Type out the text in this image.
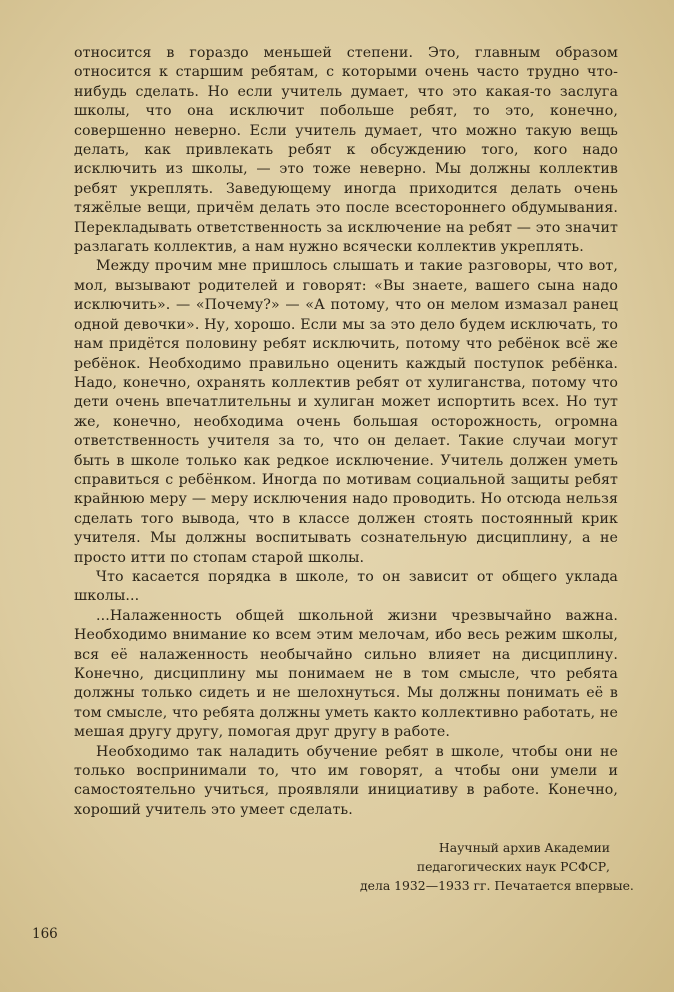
относится в гораздо меньшей степени. Это, главным образом относится к старшим ребятам, с которыми очень часто трудно что-нибудь сделать. Но если учитель думает, что это какая-то заслуга школы, что она исключит побольше ребят, то это, конечно, совершенно неверно. Если учитель думает, что можно такую вещь делать, как привлекать ребят к обсуждению того, кого надо исключить из школы, — это тоже неверно. Мы должны коллектив ребят укреплять. Заведующему иногда приходится делать очень тяжёлые вещи, причём делать это после всестороннего обдумывания. Перекладывать ответственность за исключение на ребят — это значит разлагать коллектив, а нам нужно всячески коллектив укреплять.

Между прочим мне пришлось слышать и такие разговоры, что вот, мол, вызывают родителей и говорят: «Вы знаете, вашего сына надо исключить». — «Почему?» — «А потому, что он мелом измазал ранец одной девочки». Ну, хорошо. Если мы за это дело будем исключать, то нам придётся половину ребят исключить, потому что ребёнок всё же ребёнок. Необходимо правильно оценить каждый поступок ребёнка. Надо, конечно, охранять коллектив ребят от хулиганства, потому что дети очень впечатлительны и хулиган может испортить всех. Но тут же, конечно, необходима очень большая осторожность, огромна ответственность учителя за то, что он делает. Такие случаи могут быть в школе только как редкое исключение. Учитель должен уметь справиться с ребёнком. Иногда по мотивам социальной защиты ребят крайнюю меру — меру исключения надо проводить. Но отсюда нельзя сделать того вывода, что в классе должен стоять постоянный крик учителя. Мы должны воспитывать сознательную дисциплину, а не просто итти по стопам старой школы.

Что касается порядка в школе, то он зависит от общего уклада школы...

...Налаженность общей школьной жизни чрезвычайно важна. Необходимо внимание ко всем этим мелочам, ибо весь режим школы, вся её налаженность необычайно сильно влияет на дисциплину. Конечно, дисциплину мы понимаем не в том смысле, что ребята должны только сидеть и не шелохнуться. Мы должны понимать её в том смысле, что ребята должны уметь както коллективно работать, не мешая другу другу, помогая друг другу в работе.

Необходимо так наладить обучение ребят в школе, чтобы они не только воспринимали то, что им говорят, а чтобы они умели и самостоятельно учиться, проявляли инициативу в работе. Конечно, хороший учитель это умеет сделать.

Научный архив Академии
педагогических наук РСФСР,
дела 1932—1933 гг. Печатается впервые.
166
